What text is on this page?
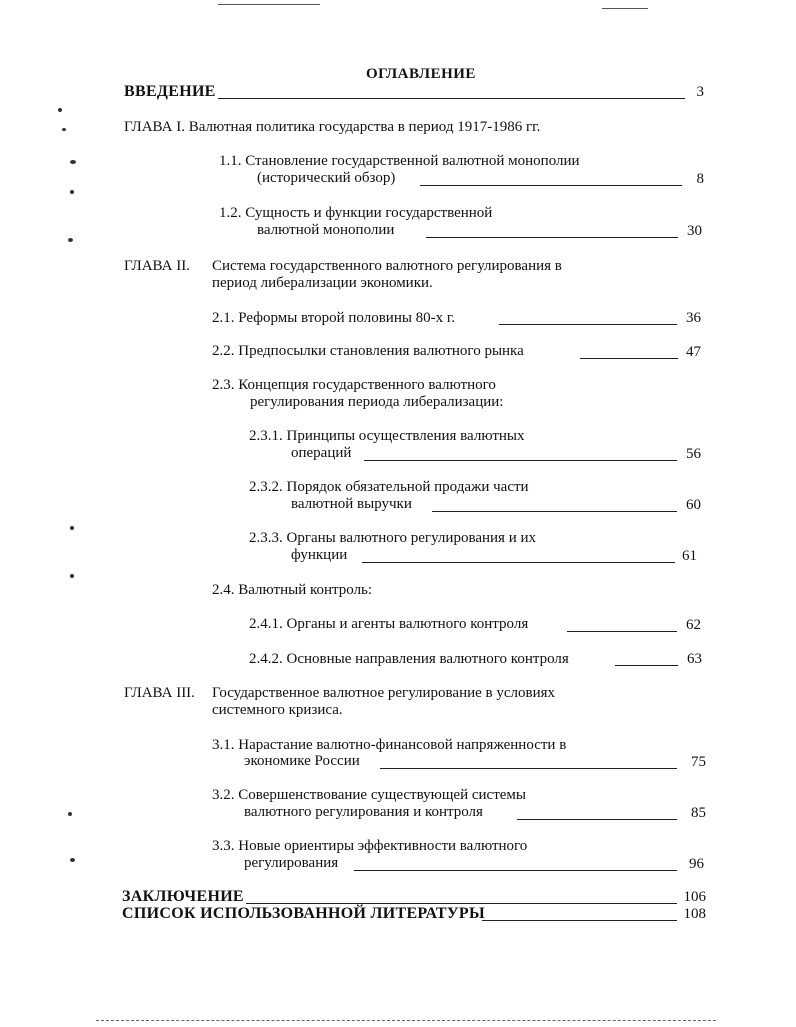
ОГЛАВЛЕНИЕ
ВВЕДЕНИЕ	3
ГЛАВА I. Валютная политика государства в период 1917-1986 гг.
1.1. Становление государственной валютной монополии
(исторический обзор)	8
1.2. Сущность и функции государственной
валютной монополии	30
ГЛАВА II. Система государственного валютного регулирования в
период либерализации экономики.
2.1. Реформы второй половины 80-х г.	36
2.2. Предпосылки становления валютного рынка	47
2.3. Концепция государственного валютного
регулирования периода либерализации:
2.3.1. Принципы осуществления валютных
операций	56
2.3.2. Порядок обязательной продажи части
валютной выручки	60
2.3.3. Органы валютного регулирования и их
функции	61
2.4. Валютный контроль:
2.4.1. Органы и агенты валютного контроля	62
2.4.2. Основные направления валютного контроля	63
ГЛАВА III. Государственное валютное регулирование в условиях
системного кризиса.
3.1. Нарастание валютно-финансовой напряженности в
экономике России	75
3.2. Совершенствование существующей системы
валютного регулирования и контроля	85
3.3. Новые ориентиры эффективности валютного
регулирования	96
ЗАКЛЮЧЕНИЕ	106
СПИСОК ИСПОЛЬЗОВАННОЙ ЛИТЕРАТУРЫ	108
